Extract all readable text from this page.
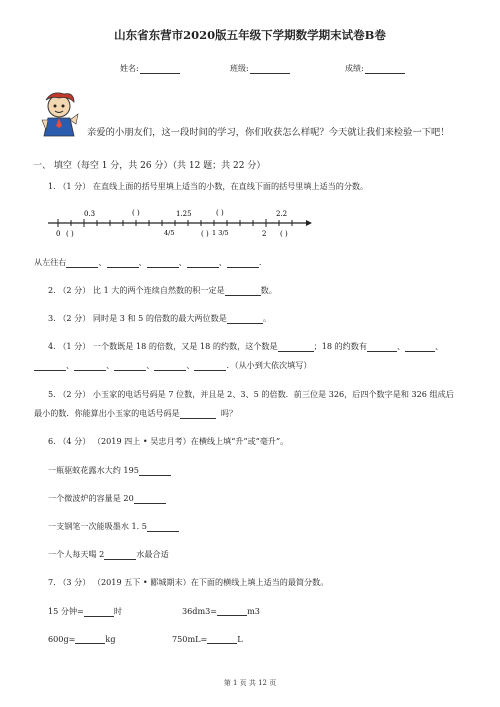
山东省东营市2020版五年级下学期数学期末试卷B卷
姓名:	班级:	成绩:
亲爱的小朋友们，这一段时间的学习，你们收获怎么样呢？今天就让我们来检验一下吧！
一、 填空（每空 1 分，共 26 分）（共 12 题；共 22 分）
1. （1 分） 在直线上面的括号里填上适当的小数，在直线下面的括号里填上适当的分数。
0.3	( )	1.25	( )	2.2
0 ( )	4/5	( ) 1 3/5	2 ( )
从左往右	、	、	、	、	.
2. （2 分） 比 1 大的两个连续自然数的积一定是	数。
3. （2 分） 同时是 3 和 5 的倍数的最大两位数是	。
4. （1 分） 一个数既是 18 的倍数，又是 18 的约数，这个数是	；18 的约数有	、	、
、	、	、	、	．（从小到大依次填写）
5. （2 分） 小玉家的电话号码是 7 位数，并且是 2、3、5 的倍数．前三位是 326，后四个数字是和 326 组成后
最小的数．你能算出小玉家的电话号码是	吗？
6. （4 分） （2019 四上 • 吴忠月考）在横线上填“升”或“毫升”。
一瓶驱蚊花露水大约 195
一个微波炉的容量是 20
一支钢笔一次能吸墨水 1. 5
一个人每天喝 2	水最合适
7. （3 分） （2019 五下 • 郾城期末）在下面的横线上填上适当的最简分数。
15 分钟=	时	36dm3=	m3
600g=	kg	750mL=	L
第 1 页 共 12 页
